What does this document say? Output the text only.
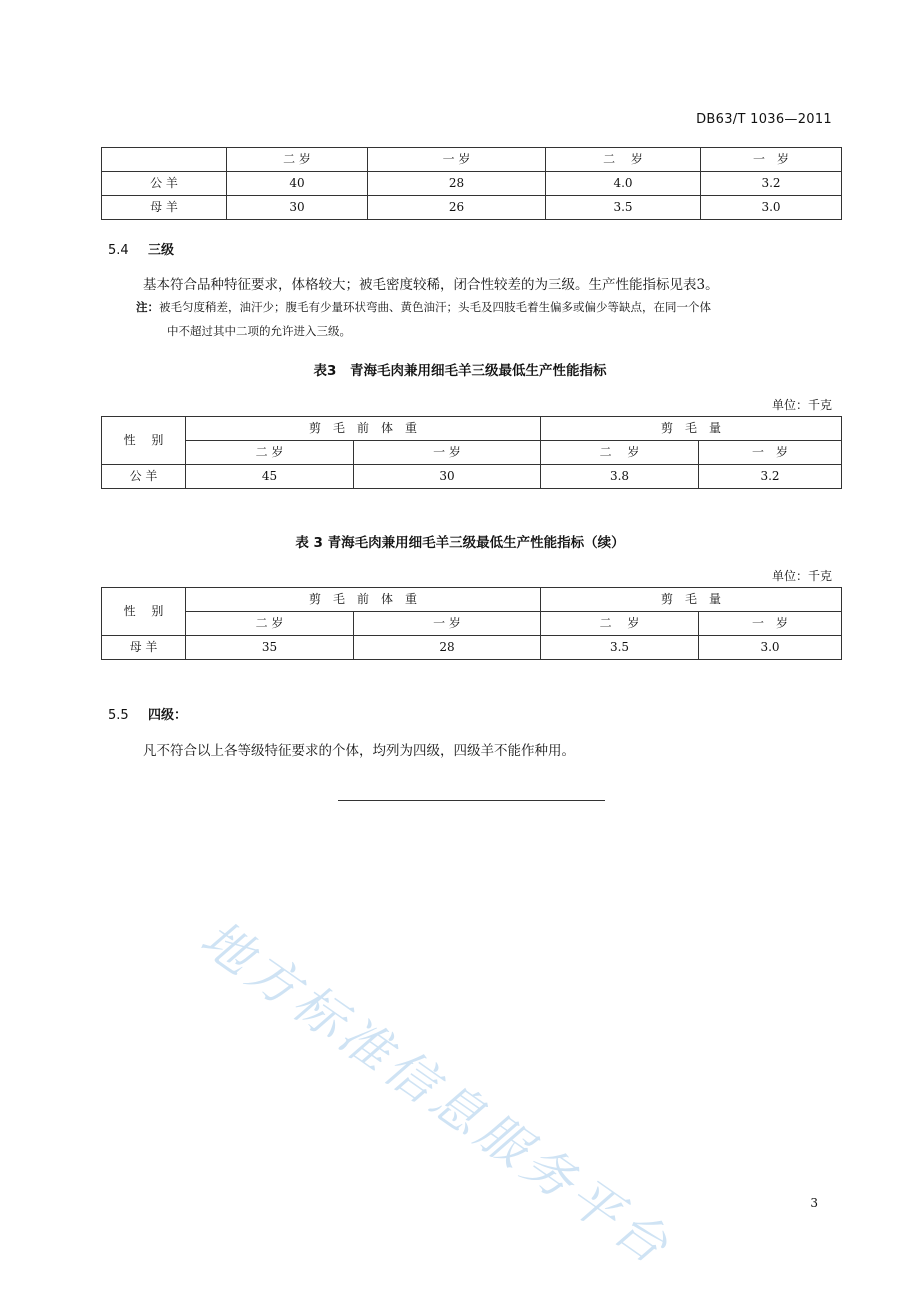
DB63/T 1036—2011
	二 岁	一 岁	二　 岁	一　岁
公 羊	40	28	4.0	3.2
母 羊	30	26	3.5	3.0
5.4 三级
基本符合品种特征要求，体格较大；被毛密度较稀，闭合性较差的为三级。生产性能指标见表3。
注：被毛匀度稍差，油汗少；腹毛有少量环状弯曲、黄色油汗；头毛及四肢毛着生偏多或偏少等缺点，在同一个体
中不超过其中二项的允许进入三级。
表3　青海毛肉兼用细毛羊三级最低生产性能指标
单位：千克
性　 别	剪　毛　前　体　重		剪　毛　量	
	二 岁	一 岁	二　 岁	一　岁
公 羊	45	30	3.8	3.2
表 3 青海毛肉兼用细毛羊三级最低生产性能指标（续）
单位：千克
性　 别	剪　毛　前　体　重		剪　毛　量	
	二 岁	一 岁	二　 岁	一　岁
母 羊	35	28	3.5	3.0
5.5 四级：
凡不符合以上各等级特征要求的个体，均列为四级，四级羊不能作种用。
地方标准信息服务平台	3
